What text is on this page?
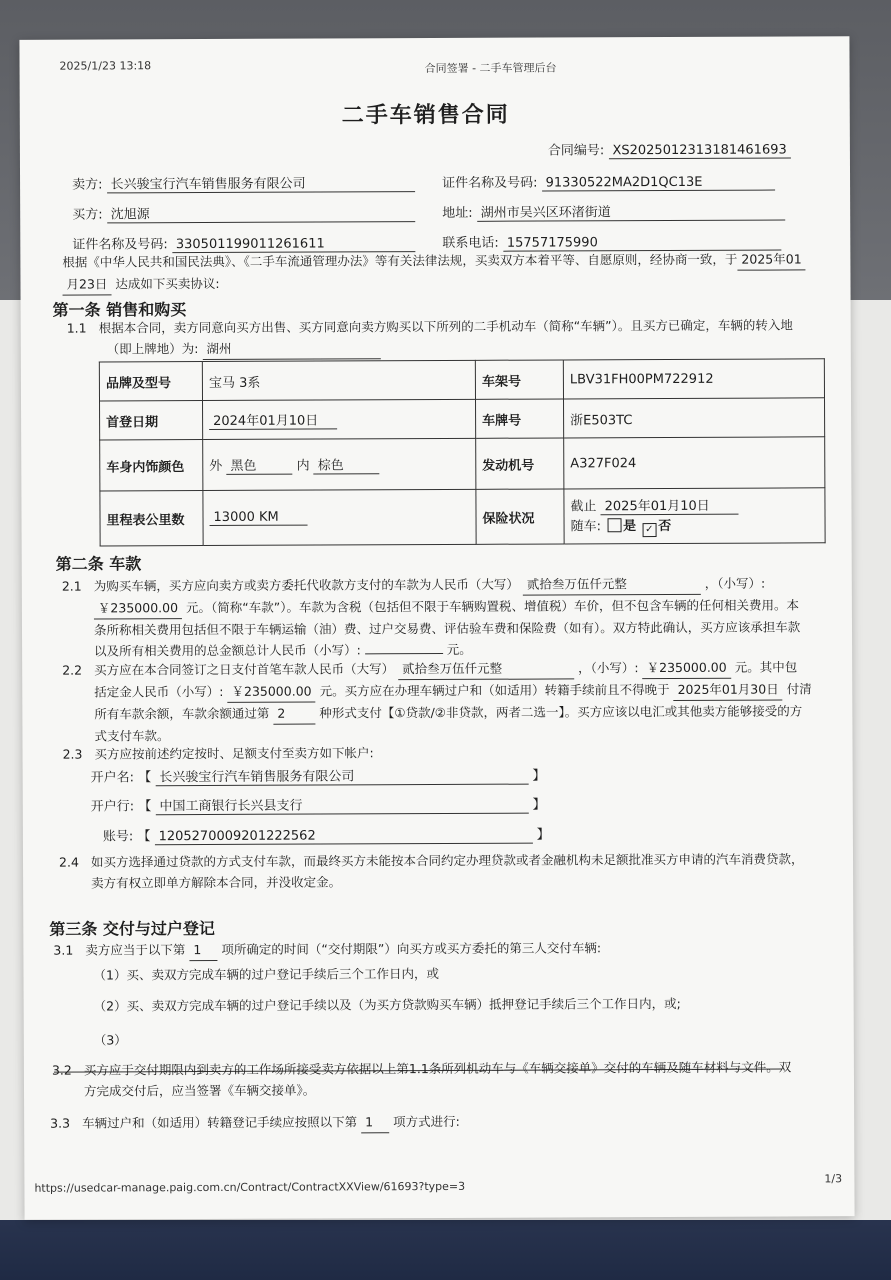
2025/1/23 13:18	合同签署 - 二手车管理后台
二手车销售合同
合同编号: XS20250123131814616​93
卖方: 长兴骏宝行汽车销售服务有限公司	证件名称及号码: 91330522MA2D1QC13E
买方: 沈旭源	地址: 湖州市吴兴区环渚街道
证件名称及号码: 330501199011261611	联系电话: 15757175990
根据《中华人民共和国民法典》、《二手车流通管理办法》等有关法律法规，买卖双方本着平等、自愿原则，经协商一致，于 2025年01
月23日 达成如下买卖协议:
第一条 销售和购买
1.1 根据本合同，卖方同意向买方出售、买方同意向卖方购买以下所列的二手机动车（简称“车辆”）。且买方已确定，车辆的转入地
（即上牌地）为: 湖州
品牌及型号	宝马 3系	车架号	LBV31FH00PM722912
首登日期	2024年01月10日	车牌号	浙E503TC
车身内饰颜色	外 黑色 内 棕色	发动机号	A327F024
里程表公里数	13000 KM	保险状况	截止 2025年01月10日
随车: 是 ✓ 否
第二条 车款
2.1 为购买车辆，买方应向卖方或卖方委托代收款方支付的车款为人民币（大写） 贰拾叁万伍仟元整	，（小写）:
￥235000.00 元。（简称“车款”）。车款为含税（包括但不限于车辆购置税、增值税）车价，但不包含车辆的任何相关费用。本
条所称相关费用包括但不限于车辆运输（油）费、过户交易费、评估验车费和保险费（如有）。双方特此确认，买方应该承担车款
以及所有相关费用的总金额总计人民币（小写）:	元。
2.2 买方应在本合同签订之日支付首笔车款人民币（大写） 贰拾叁万伍仟元整	，（小写）: ￥235000.00 元。其中包
括定金人民币（小写）: ￥235000.00 元。买方应在办理车辆过户和（如适用）转籍手续前且不得晚于 2025年01月30日 付清
所有车款余额，车款余额通过第 2	种形式支付【①贷款/②非贷款，两者二选一】。买方应该以电汇或其他卖方能够接受的方
式支付车款。
2.3 买方应按前述约定按时、足额支付至卖方如下帐户:
开户名: 【 长兴骏宝行汽车销售服务有限公司	】
开户行: 【 中国工商银行长兴县支行	】
账号: 【 1205270009201222562	】
2.4 如买方选择通过贷款的方式支付车款，而最终买方未能按本合同约定办理贷款或者金融机构未足额批准买方申请的汽车消费贷款，
卖方有权立即单方解除本合同，并没收定金。
第三条 交付与过户登记
3.1 卖方应当于以下第 1 项所确定的时间（“交付期限”）向买方或买方委托的第三人交付车辆:
（1）买、卖双方完成车辆的过户登记手续后三个工作日内，或
（2）买、卖双方完成车辆的过户登记手续以及（为买方贷款购买车辆）抵押登记手续后三个工作日内，或;
（3）
3.2 买方应于交付期限内到卖方的工作场所接受卖方依据以上第1.1条所列机动车与《车辆交接单》交付的车辆及随车材料与文件。双
方完成交付后，应当签署《车辆交接单》。
3.3 车辆过户和（如适用）转籍登记手续应按照以下第 1 项方式进行:
https://usedcar-manage.paig.com.cn/Contract/ContractXXView/61693?type=3
1/3
